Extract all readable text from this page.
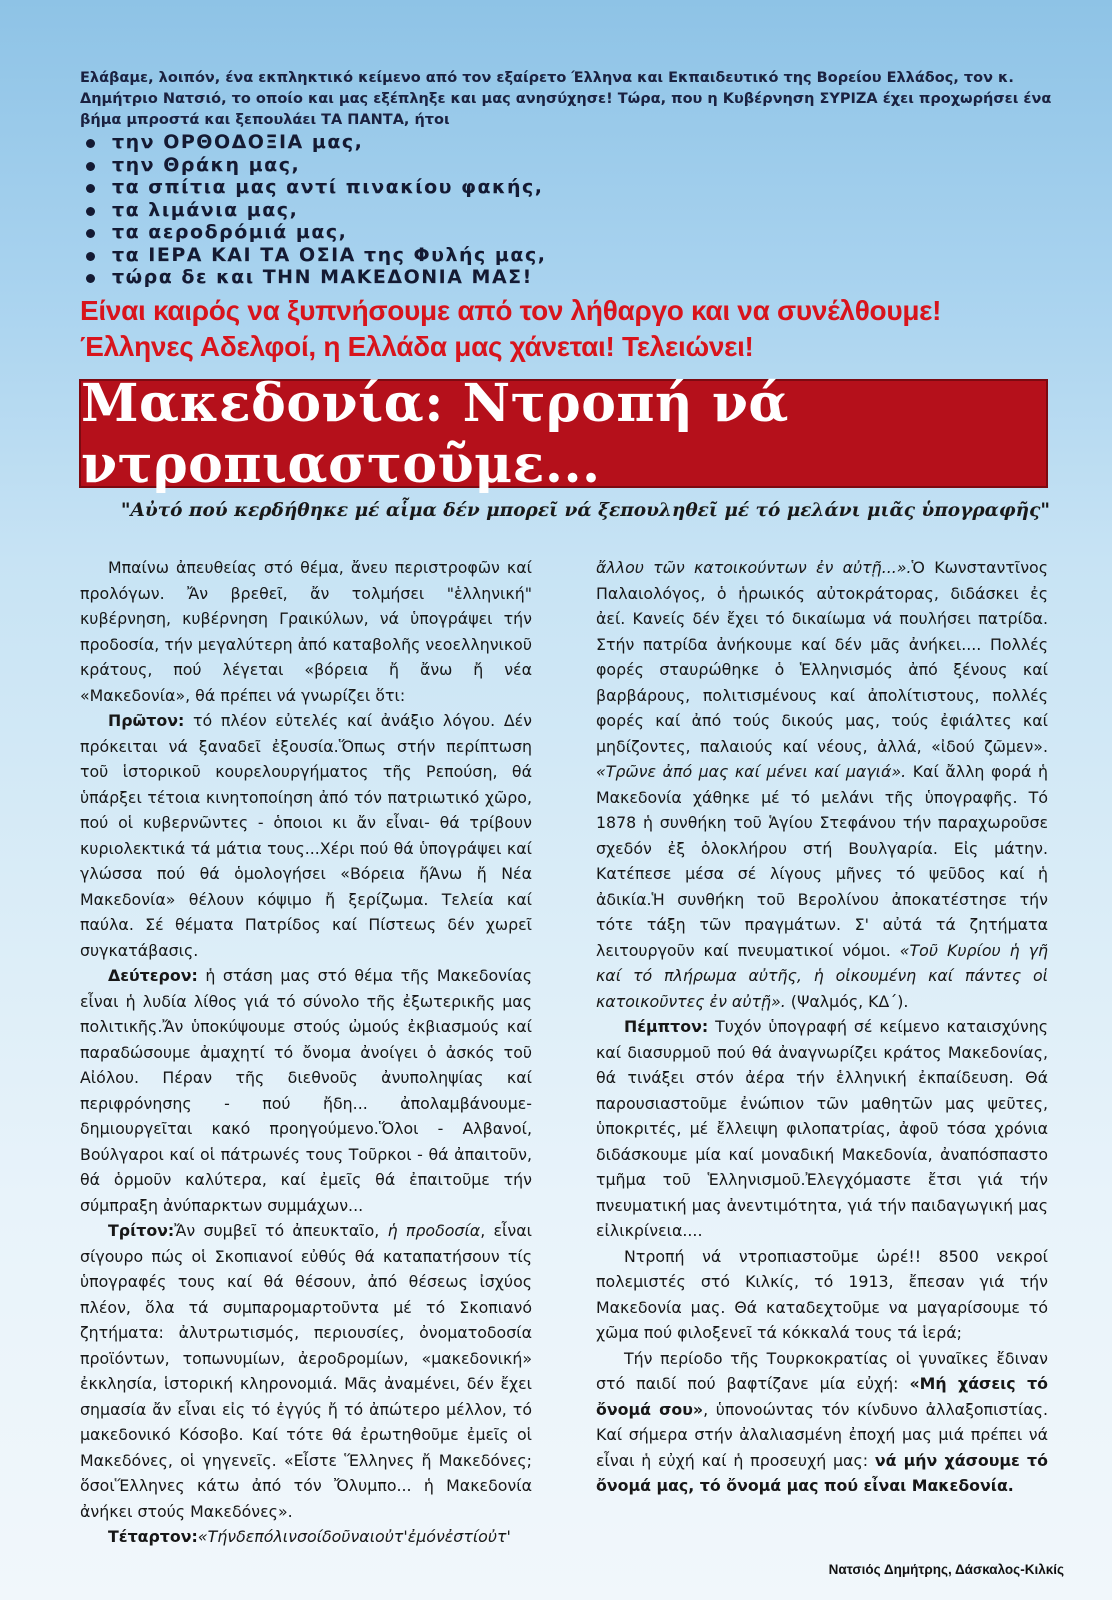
Ελάβαμε, λοιπόν, ένα εκπληκτικό κείμενο από τον εξαίρετο Έλληνα και Εκπαιδευτικό της Βορείου Ελλάδος, τον κ. Δημήτριο Νατσιό, το οποίο και μας εξέπληξε και μας ανησύχησε! Τώρα, που η Κυβέρνηση ΣΥΡΙΖΑ έχει προχωρήσει ένα βήμα μπροστά και ξεπουλάει ΤΑ ΠΑΝΤΑ, ήτοι

την ΟΡΘΟΔΟΞΙΑ μας,
την Θράκη μας,
τα σπίτια μας αντί πινακίου φακής,
τα λιμάνια μας,
τα αεροδρόμιά μας,
τα ΙΕΡΑ ΚΑΙ ΤΑ ΟΣΙΑ της Φυλής μας,
τώρα δε και ΤΗΝ ΜΑΚΕΔΟΝΙΑ ΜΑΣ!
Είναι καιρός να ξυπνήσουμε από τον λήθαργο και να συνέλθουμε!
Έλληνες Αδελφοί, η Ελλάδα μας χάνεται! Τελειώνει!
Μακεδονία: Ντροπή νά ντροπιαστοῦμε...
"Αὐτό πού κερδήθηκε μέ αἷμα δέν μπορεῖ νά ξεπουληθεῖ μέ τό μελάνι μιᾶς ὑπογραφῆς"

Μπαίνω ἀπευθείας στό θέμα, ἄνευ περιστροφῶν καί προλόγων. Ἄν βρεθεῖ, ἄν τολμήσει "ἑλληνική" κυβέρνηση, κυβέρνηση Γραικύλων, νά ὑπογράψει τήν προδοσία, τήν μεγαλύτερη ἀπό καταβολῆς νεοελληνικοῦ κράτους, πού λέγεται «βόρεια ἤ ἄνω ἤ νέα «Μακεδονία», θά πρέπει νά γνωρίζει ὅτι:

Πρῶτον: τό πλέον εὐτελές καί ἀνάξιο λόγου. Δέν πρόκειται νά ξαναδεῖ ἐξουσία.Ὅπως στήν περίπτωση τοῦ ἱστορικοῦ κουρελουργήματος τῆς Ρεπούση, θά ὑπάρξει τέτοια κινητοποίηση ἀπό τόν πατριωτικό χῶρο, πού οἱ κυβερνῶντες - ὁποιοι κι ἄν εἶναι- θά τρίβουν κυριολεκτικά τά μάτια τους...Χέρι πού θά ὑπογράψει καί γλώσσα πού θά ὁμολογήσει «Βόρεια ἤΆνω ἤ Νέα Μακεδονία» θέλουν κόψιμο ἤ ξερίζωμα. Τελεία καί παύλα. Σέ θέματα Πατρίδος καί Πίστεως δέν χωρεῖ συγκατάβασις.

Δεύτερον: ἡ στάση μας στό θέμα τῆς Μακεδονίας εἶναι ἡ λυδία λίθος γιά τό σύνολο τῆς ἐξωτερικῆς μας πολιτικῆς.Ἄν ὑποκύψουμε στούς ὠμούς ἐκβιασμούς καί παραδώσουμε ἀμαχητί τό ὄνομα ἀνοίγει ὁ ἀσκός τοῦ Αἰόλου. Πέραν τῆς διεθνοῦς ἀνυποληψίας καί περιφρόνησης - πού ἤδη... ἀπολαμβάνουμε- δημιουργεῖται κακό προηγούμενο.Ὅλοι - Αλβανοί, Βούλγαροι καί οἱ πάτρωνές τους Τοῦρκοι - θά ἀπαιτοῦν, θά ὁρμοῦν καλύτερα, καί ἐμεῖς θά ἐπαιτοῦμε τήν σύμπραξη ἀνύπαρκτων συμμάχων...

Τρίτον:Ἄν συμβεῖ τό ἀπευκταῖο, ἡ προδοσία, εἶναι σίγουρο πώς οἱ Σκοπιανοί εὐθύς θά καταπατήσουν τίς ὑπογραφές τους καί θά θέσουν, ἀπό θέσεως ἰσχύος πλέον, ὅλα τά συμπαρομαρτοῦντα μέ τό Σκοπιανό ζητήματα: ἀλυτρωτισμός, περιουσίες, ὀνοματοδοσία προϊόντων, τοπωνυμίων, ἀεροδρομίων, «μακεδονική» ἐκκλησία, ἱστορική κληρονομιά. Μᾶς ἀναμένει, δέν ἔχει σημασία ἄν εἶναι εἰς τό ἐγγύς ἤ τό ἀπώτερο μέλλον, τό μακεδονικό Κόσοβο. Καί τότε θά ἐρωτηθοῦμε ἐμεῖς οἱ Μακεδόνες, οἱ γηγενεῖς. «Εἶστε Ἕλληνες ἤ Μακεδόνες; ὅσοιἝλληνες κάτω ἀπό τόν Ὄλυμπο... ἡ Μακεδονία ἀνήκει στούς Μακεδόνες».

Τέταρτον:«Τήνδεπόλινσοίδοῦναιοὐτ'ἐμόνἐστίοὐτ'

ἄλλου τῶν κατοικούντων ἐν αὐτῇ...».Ὁ Κωνσταντῖνος Παλαιολόγος, ὁ ἡρωικός αὐτοκράτορας, διδάσκει ἐς ἀεί. Κανείς δέν ἔχει τό δικαίωμα νά πουλήσει πατρίδα. Στήν πατρίδα ἀνήκουμε καί δέν μᾶς ἀνήκει.... Πολλές φορές σταυρώθηκε ὁ Ἑλληνισμός ἀπό ξένους καί βαρβάρους, πολιτισμένους καί ἀπολίτιστους, πολλές φορές καί ἀπό τούς δικούς μας, τούς ἐφιάλτες καί μηδίζοντες, παλαιούς καί νέους, ἀλλά, «ἰδού ζῶμεν». «Τρῶνε ἀπό μας καί μένει καί μαγιά». Καί ἄλλη φορά ἡ Μακεδονία χάθηκε μέ τό μελάνι τῆς ὑπογραφῆς. Τό 1878 ἡ συνθήκη τοῦ Ἁγίου Στεφάνου τήν παραχωροῦσε σχεδόν ἐξ ὁλοκλήρου στή Βουλγαρία. Εἰς μάτην. Κατέπεσε μέσα σέ λίγους μῆνες τό ψεῦδος καί ἡ ἀδικία.Ἡ συνθήκη τοῦ Βερολίνου ἀποκατέστησε τήν τότε τάξη τῶν πραγμάτων. Σ' αὐτά τά ζητήματα λειτουργοῦν καί πνευματικοί νόμοι. «Τοῦ Κυρίου ἡ γῆ καί τό πλήρωμα αὐτῆς, ἡ οἰκουμένη καί πάντες οἱ κατοικοῦντες ἐν αὐτῇ». (Ψαλμός, ΚΔ΄).

Πέμπτον: Τυχόν ὑπογραφή σέ κείμενο καταισχύνης καί διασυρμοῦ πού θά ἀναγνωρίζει κράτος Μακεδονίας, θά τινάξει στόν ἀέρα τήν ἑλληνική ἐκπαίδευση. Θά παρουσιαστοῦμε ἐνώπιον τῶν μαθητῶν μας ψεῦτες, ὑποκριτές, μέ ἔλλειψη φιλοπατρίας, ἀφοῦ τόσα χρόνια διδάσκουμε μία καί μοναδική Μακεδονία, ἀναπόσπαστο τμῆμα τοῦ Ἑλληνισμοῦ.Ἐλεγχόμαστε ἔτσι γιά τήν πνευματική μας ἀνεντιμότητα, γιά τήν παιδαγωγική μας εἰλικρίνεια....

Ντροπή νά ντροπιαστοῦμε ὡρέ!! 8500 νεκροί πολεμιστές στό Κιλκίς, τό 1913, ἔπεσαν γιά τήν Μακεδονία μας. Θά καταδεχτοῦμε να μαγαρίσουμε τό χῶμα πού φιλοξενεῖ τά κόκκαλά τους τά ἱερά;

Τήν περίοδο τῆς Τουρκοκρατίας οἱ γυναῖκες ἔδιναν στό παιδί πού βαφτίζανε μία εὐχή: «Μή χάσεις τό ὄνομά σου», ὑπονοώντας τόν κίνδυνο ἀλλαξοπιστίας. Καί σήμερα στήν ἀλαλιασμένη ἐποχή μας μιά πρέπει νά εἶναι ἡ εὐχή καί ἡ προσευχή μας: νά μήν χάσουμε τό ὄνομά μας, τό ὄνομά μας πού εἶναι Μακεδονία.

Νατσιός Δημήτρης, Δάσκαλος-Κιλκίς
